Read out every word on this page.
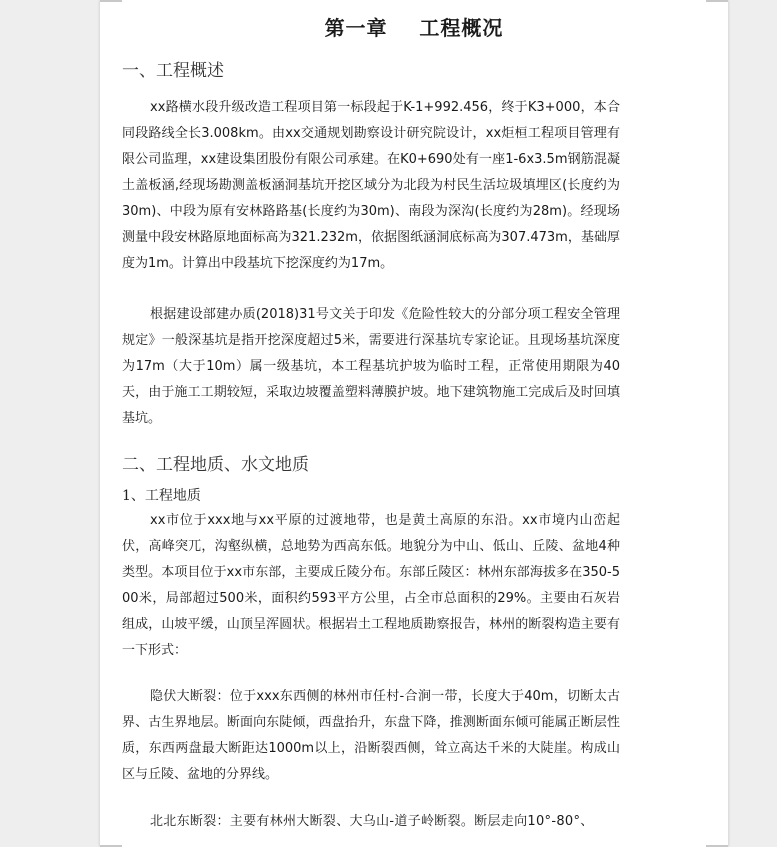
第一章    工程概况
一、工程概述

xx路横水段升级改造工程项目第一标段起于K-1+992.456，终于K3+000，本合同段路线全长3.008km。由xx交通规划勘察设计研究院设计，xx炬桓工程项目管理有限公司监理，xx建设集团股份有限公司承建。在K0+690处有一座1-6x3.5m钢筋混凝土盖板涵,经现场勘测盖板涵洞基坑开挖区域分为北段为村民生活垃圾填埋区(长度约为30m)、中段为原有安林路路基(长度约为30m)、南段为深沟(长度约为28m)。经现场测量中段安林路原地面标高为321.232m，依据图纸涵洞底标高为307.473m，基础厚度为1m。计算出中段基坑下挖深度约为17m。

根据建设部建办质(2018)31号文关于印发《危险性较大的分部分项工程安全管理规定》一般深基坑是指开挖深度超过5米，需要进行深基坑专家论证。且现场基坑深度为17m（大于10m）属一级基坑，本工程基坑护坡为临时工程，正常使用期限为40天，由于施工工期较短，采取边坡覆盖塑料薄膜护坡。地下建筑物施工完成后及时回填基坑。

二、工程地质、水文地质
1、工程地质

xx市位于xxx地与xx平原的过渡地带，也是黄土高原的东沿。xx市境内山峦起伏，高峰突兀，沟壑纵横，总地势为西高东低。地貌分为中山、低山、丘陵、盆地4种类型。本项目位于xx市东部，主要成丘陵分布。东部丘陵区：林州东部海拔多在350-500米，局部超过500米，面积约593平方公里，占全市总面积的29%。主要由石灰岩组成，山坡平缓，山顶呈浑圆状。根据岩土工程地质勘察报告，林州的断裂构造主要有一下形式：

隐伏大断裂：位于xxx东西侧的林州市任村-合涧一带，长度大于40m，切断太古界、古生界地层。断面向东陡倾，西盘抬升，东盘下降，推测断面东倾可能属正断层性质，东西两盘最大断距达1000m以上，沿断裂西侧，耸立高达千米的大陡崖。构成山区与丘陵、盆地的分界线。

北北东断裂：主要有林州大断裂、大乌山-道子岭断裂。断层走向10°-80°、
